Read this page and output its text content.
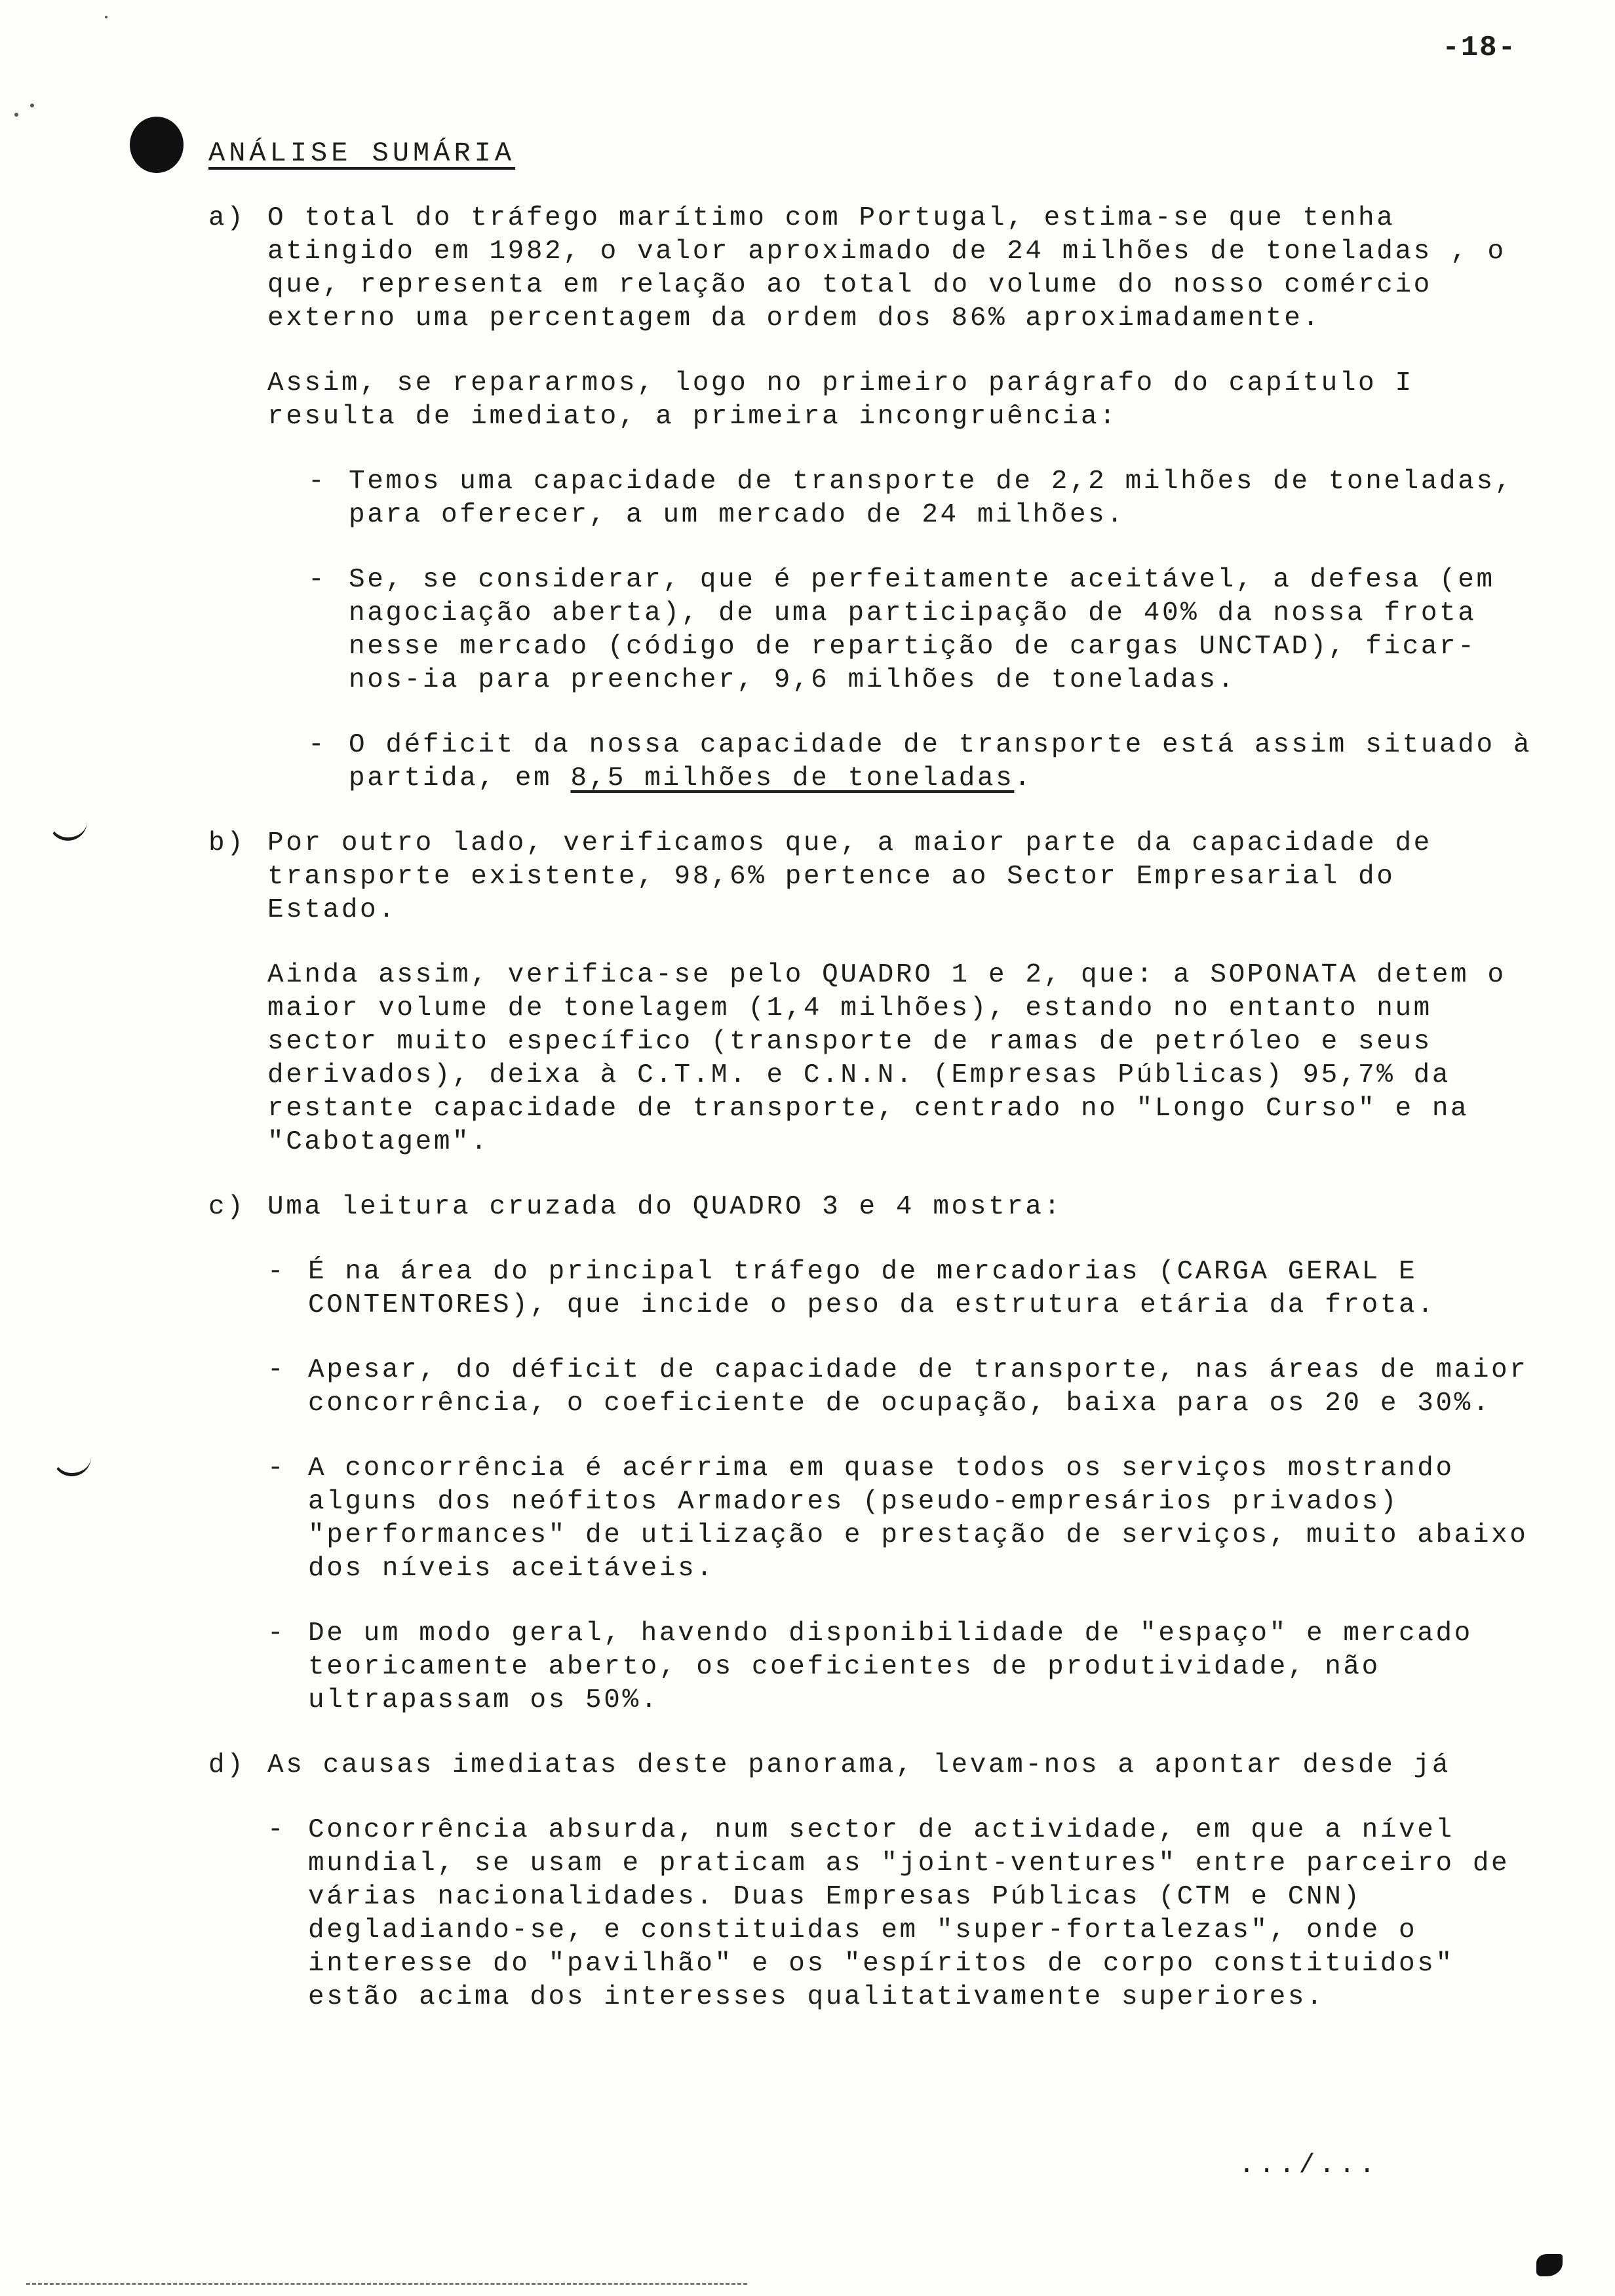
-18-
ANÁLISE SUMÁRIA
a) O total do tráfego marítimo com Portugal, estima-se que tenha atingido em 1982, o valor aproximado de 24 milhões de toneladas , o que, representa em relação ao total do volume do nosso comércio externo uma percentagem da ordem dos 86% aproximadamente.

Assim, se repararmos, logo no primeiro parágrafo do capítulo I resulta de imediato, a primeira incongruência:

- Temos uma capacidade de transporte de 2,2 milhões de toneladas, para oferecer, a um mercado de 24 milhões.
- Se, se considerar, que é perfeitamente aceitável, a defesa (em nagociação aberta), de uma participação de 40% da nossa frota nesse mercado (código de repartição de cargas UNCTAD), ficar-nos-ia para preencher, 9,6 milhões de toneladas.
- O déficit da nossa capacidade de transporte está assim situado à partida, em 8,5 milhões de toneladas.
b) Por outro lado, verificamos que, a maior parte da capacidade de transporte existente, 98,6% pertence ao Sector Empresarial do Estado.

Ainda assim, verifica-se pelo QUADRO 1 e 2, que: a SOPONATA detem o maior volume de tonelagem (1,4 milhões), estando no entanto num sector muito específico (transporte de ramas de petróleo e seus derivados), deixa à C.T.M. e C.N.N. (Empresas Públicas) 95,7% da restante capacidade de transporte, centrado no "Longo Curso" e na "Cabotagem".

c) Uma leitura cruzada do QUADRO 3 e 4 mostra:

- É na área do principal tráfego de mercadorias (CARGA GERAL E CONTENTORES), que incide o peso da estrutura etária da frota.
- Apesar, do déficit de capacidade de transporte, nas áreas de maior concorrência, o coeficiente de ocupação, baixa para os 20 e 30%.
- A concorrência é acérrima em quase todos os serviços mostrando alguns dos neófitos Armadores (pseudo-empresários privados) "performances" de utilização e prestação de serviços, muito abaixo dos níveis aceitáveis.
- De um modo geral, havendo disponibilidade de "espaço" e mercado teoricamente aberto, os coeficientes de produtividade, não ultrapassam os 50%.
d) As causas imediatas deste panorama, levam-nos a apontar desde já

- Concorrência absurda, num sector de actividade, em que a nível mundial, se usam e praticam as "joint-ventures" entre parceiro de várias nacionalidades. Duas Empresas Públicas (CTM e CNN) degladiando-se, e constituidas em "super-fortalezas", onde o interesse do "pavilhão" e os "espíritos de corpo constituidos" estão acima dos interesses qualitativamente superiores.
.../...
